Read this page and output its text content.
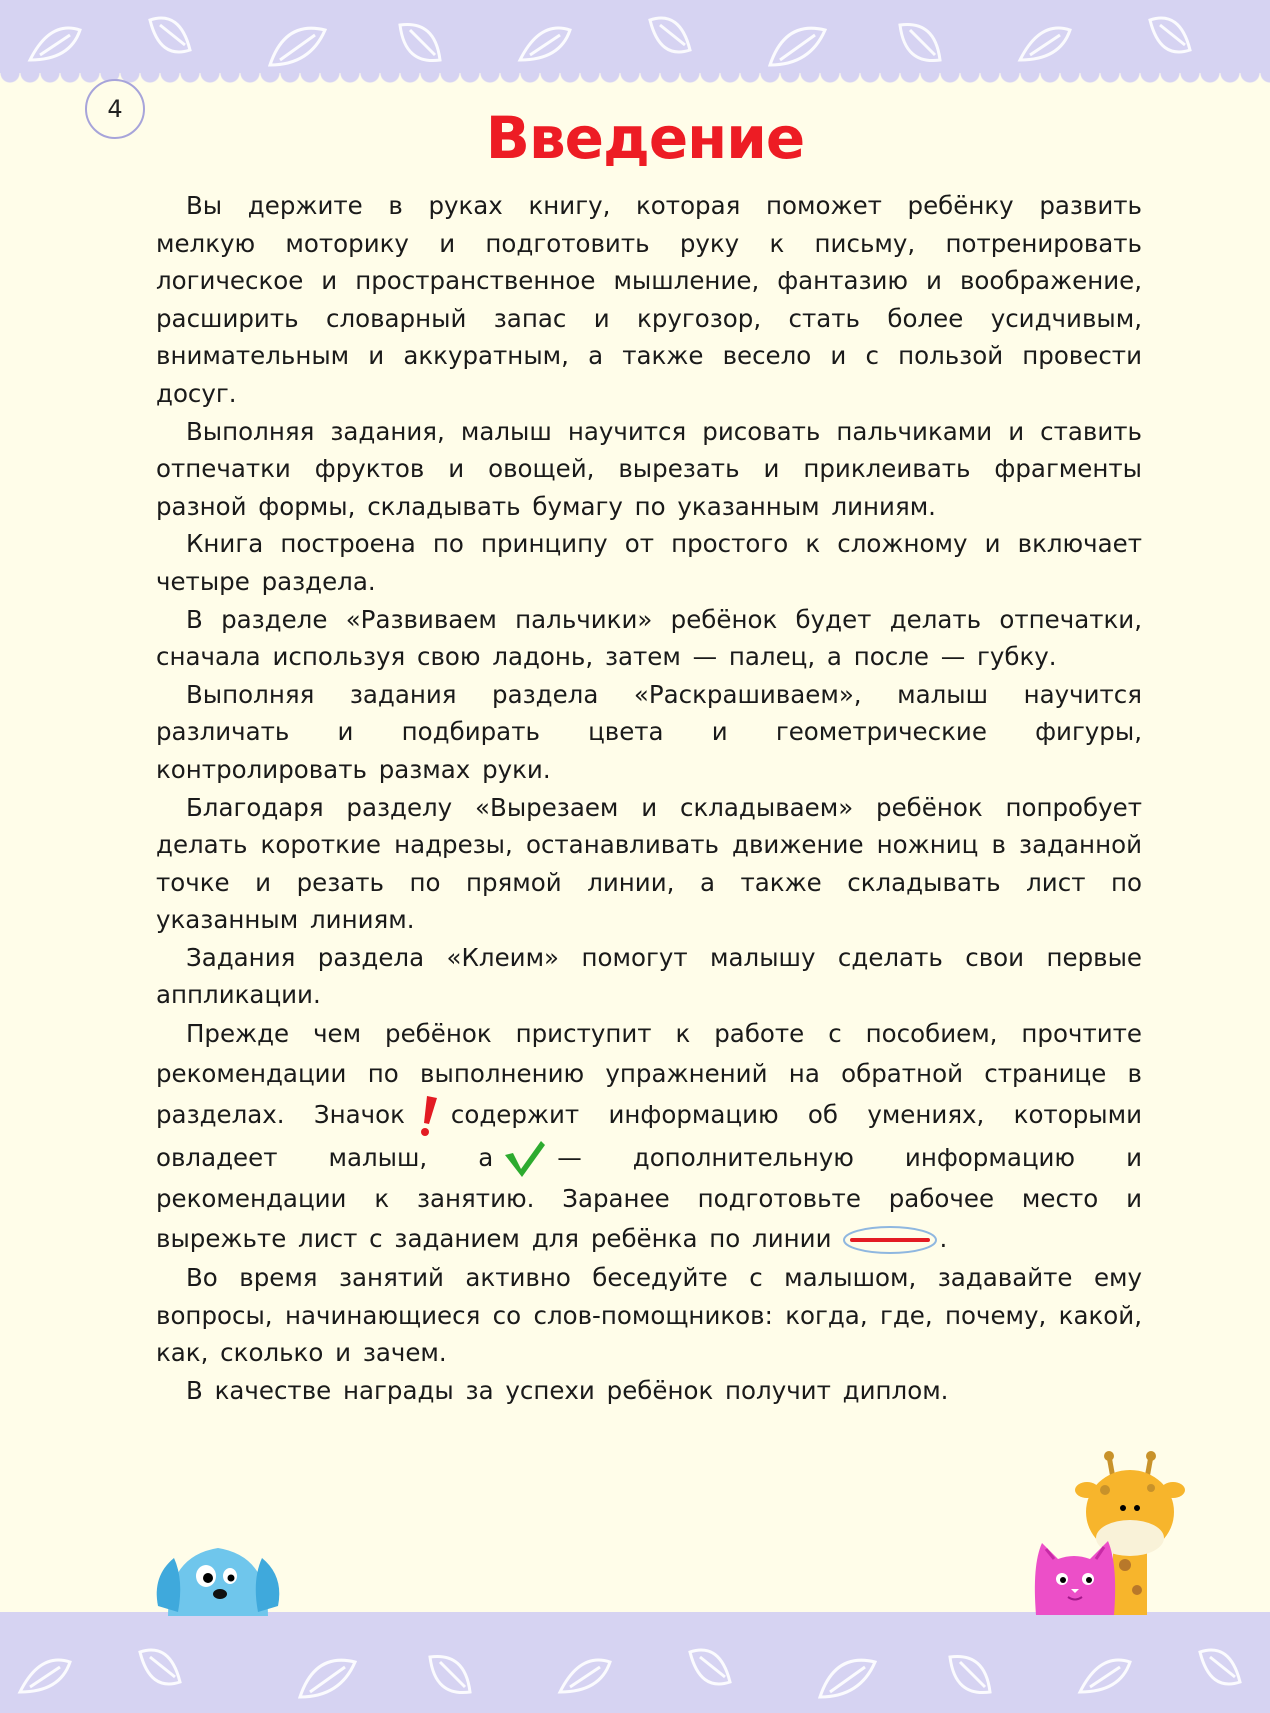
4	Введение

Вы держите в руках книгу, которая поможет ребёнку развить мелкую моторику и подготовить руку к письму, потренировать логическое и пространственное мышление, фантазию и воображение, расширить словарный запас и кругозор, стать более усидчивым, внимательным и аккуратным, а также весело и с пользой провести досуг.

Выполняя задания, малыш научится рисовать пальчиками и ставить отпечатки фруктов и овощей, вырезать и приклеивать фрагменты разной формы, складывать бумагу по указанным линиям.

Книга построена по принципу от простого к сложному и включает четыре раздела.

В разделе «Развиваем пальчики» ребёнок будет делать отпечатки, сначала используя свою ладонь, затем — палец, а после — губку.

Выполняя задания раздела «Раскрашиваем», малыш научится различать и подбирать цвета и геометрические фигуры, контролировать размах руки.

Благодаря разделу «Вырезаем и складываем» ребёнок попробует делать короткие надрезы, останавливать движение ножниц в заданной точке и резать по прямой линии, а также складывать лист по указанным линиям.

Задания раздела «Клеим» помогут малышу сделать свои первые аппликации.

Прежде чем ребёнок приступит к работе с пособием, прочтите рекомендации по выполнению упражнений на обратной странице в разделах. Значок содержит информацию об умениях, которыми овладеет малыш, а	— дополнительную информацию и рекомендации к занятию. Заранее подготовьте рабочее место и вырежьте лист с заданием для ребёнка по линии	.

Во время занятий активно беседуйте с малышом, задавайте ему вопросы, начинающиеся со слов-помощников: когда, где, почему, какой, как, сколько и зачем.

В качестве награды за успехи ребёнок получит диплом.
